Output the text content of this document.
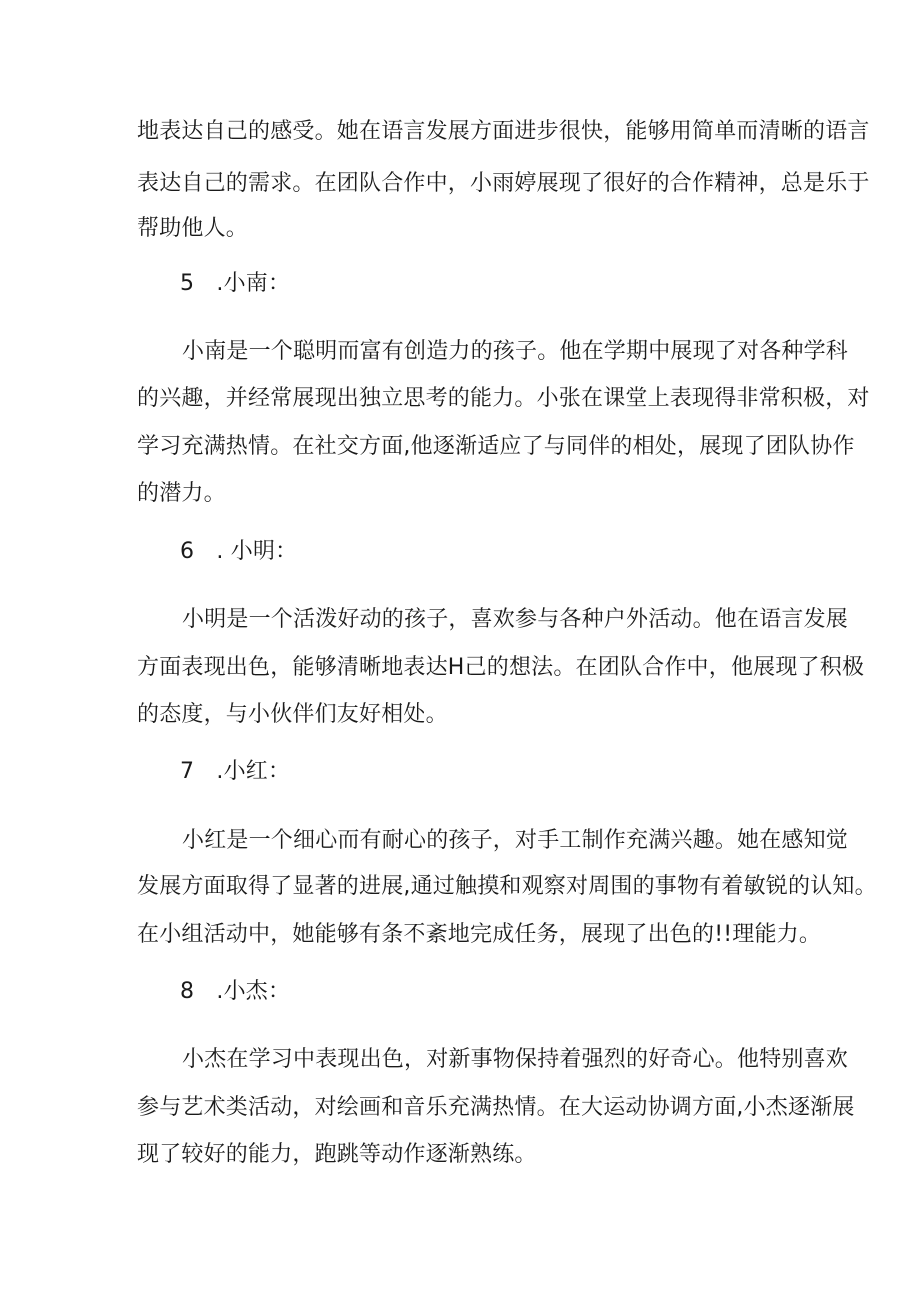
地表达自己的感受。她在语言发展方面进步很快，能够用简单而清晰的语言
表达自己的需求。在团队合作中，小雨婷展现了很好的合作精神，总是乐于
帮助他人。
5　.小南：
小南是一个聪明而富有创造力的孩子。他在学期中展现了对各种学科
的兴趣，并经常展现出独立思考的能力。小张在课堂上表现得非常积极，对
学习充满热情。在社交方面,他逐渐适应了与同伴的相处，展现了团队协作
的潜力。
6　. 小明：
小明是一个活泼好动的孩子，喜欢参与各种户外活动。他在语言发展
方面表现出色，能够清晰地表达H己的想法。在团队合作中，他展现了积极
的态度，与小伙伴们友好相处。
7　.小红：
小红是一个细心而有耐心的孩子，对手工制作充满兴趣。她在感知觉
发展方面取得了显著的进展,通过触摸和观察对周围的事物有着敏锐的认知。
在小组活动中，她能够有条不紊地完成任务，展现了出色的!!理能力。
8　.小杰：
小杰在学习中表现出色，对新事物保持着强烈的好奇心。他特别喜欢
参与艺术类活动，对绘画和音乐充满热情。在大运动协调方面,小杰逐渐展
现了较好的能力，跑跳等动作逐渐熟练。
